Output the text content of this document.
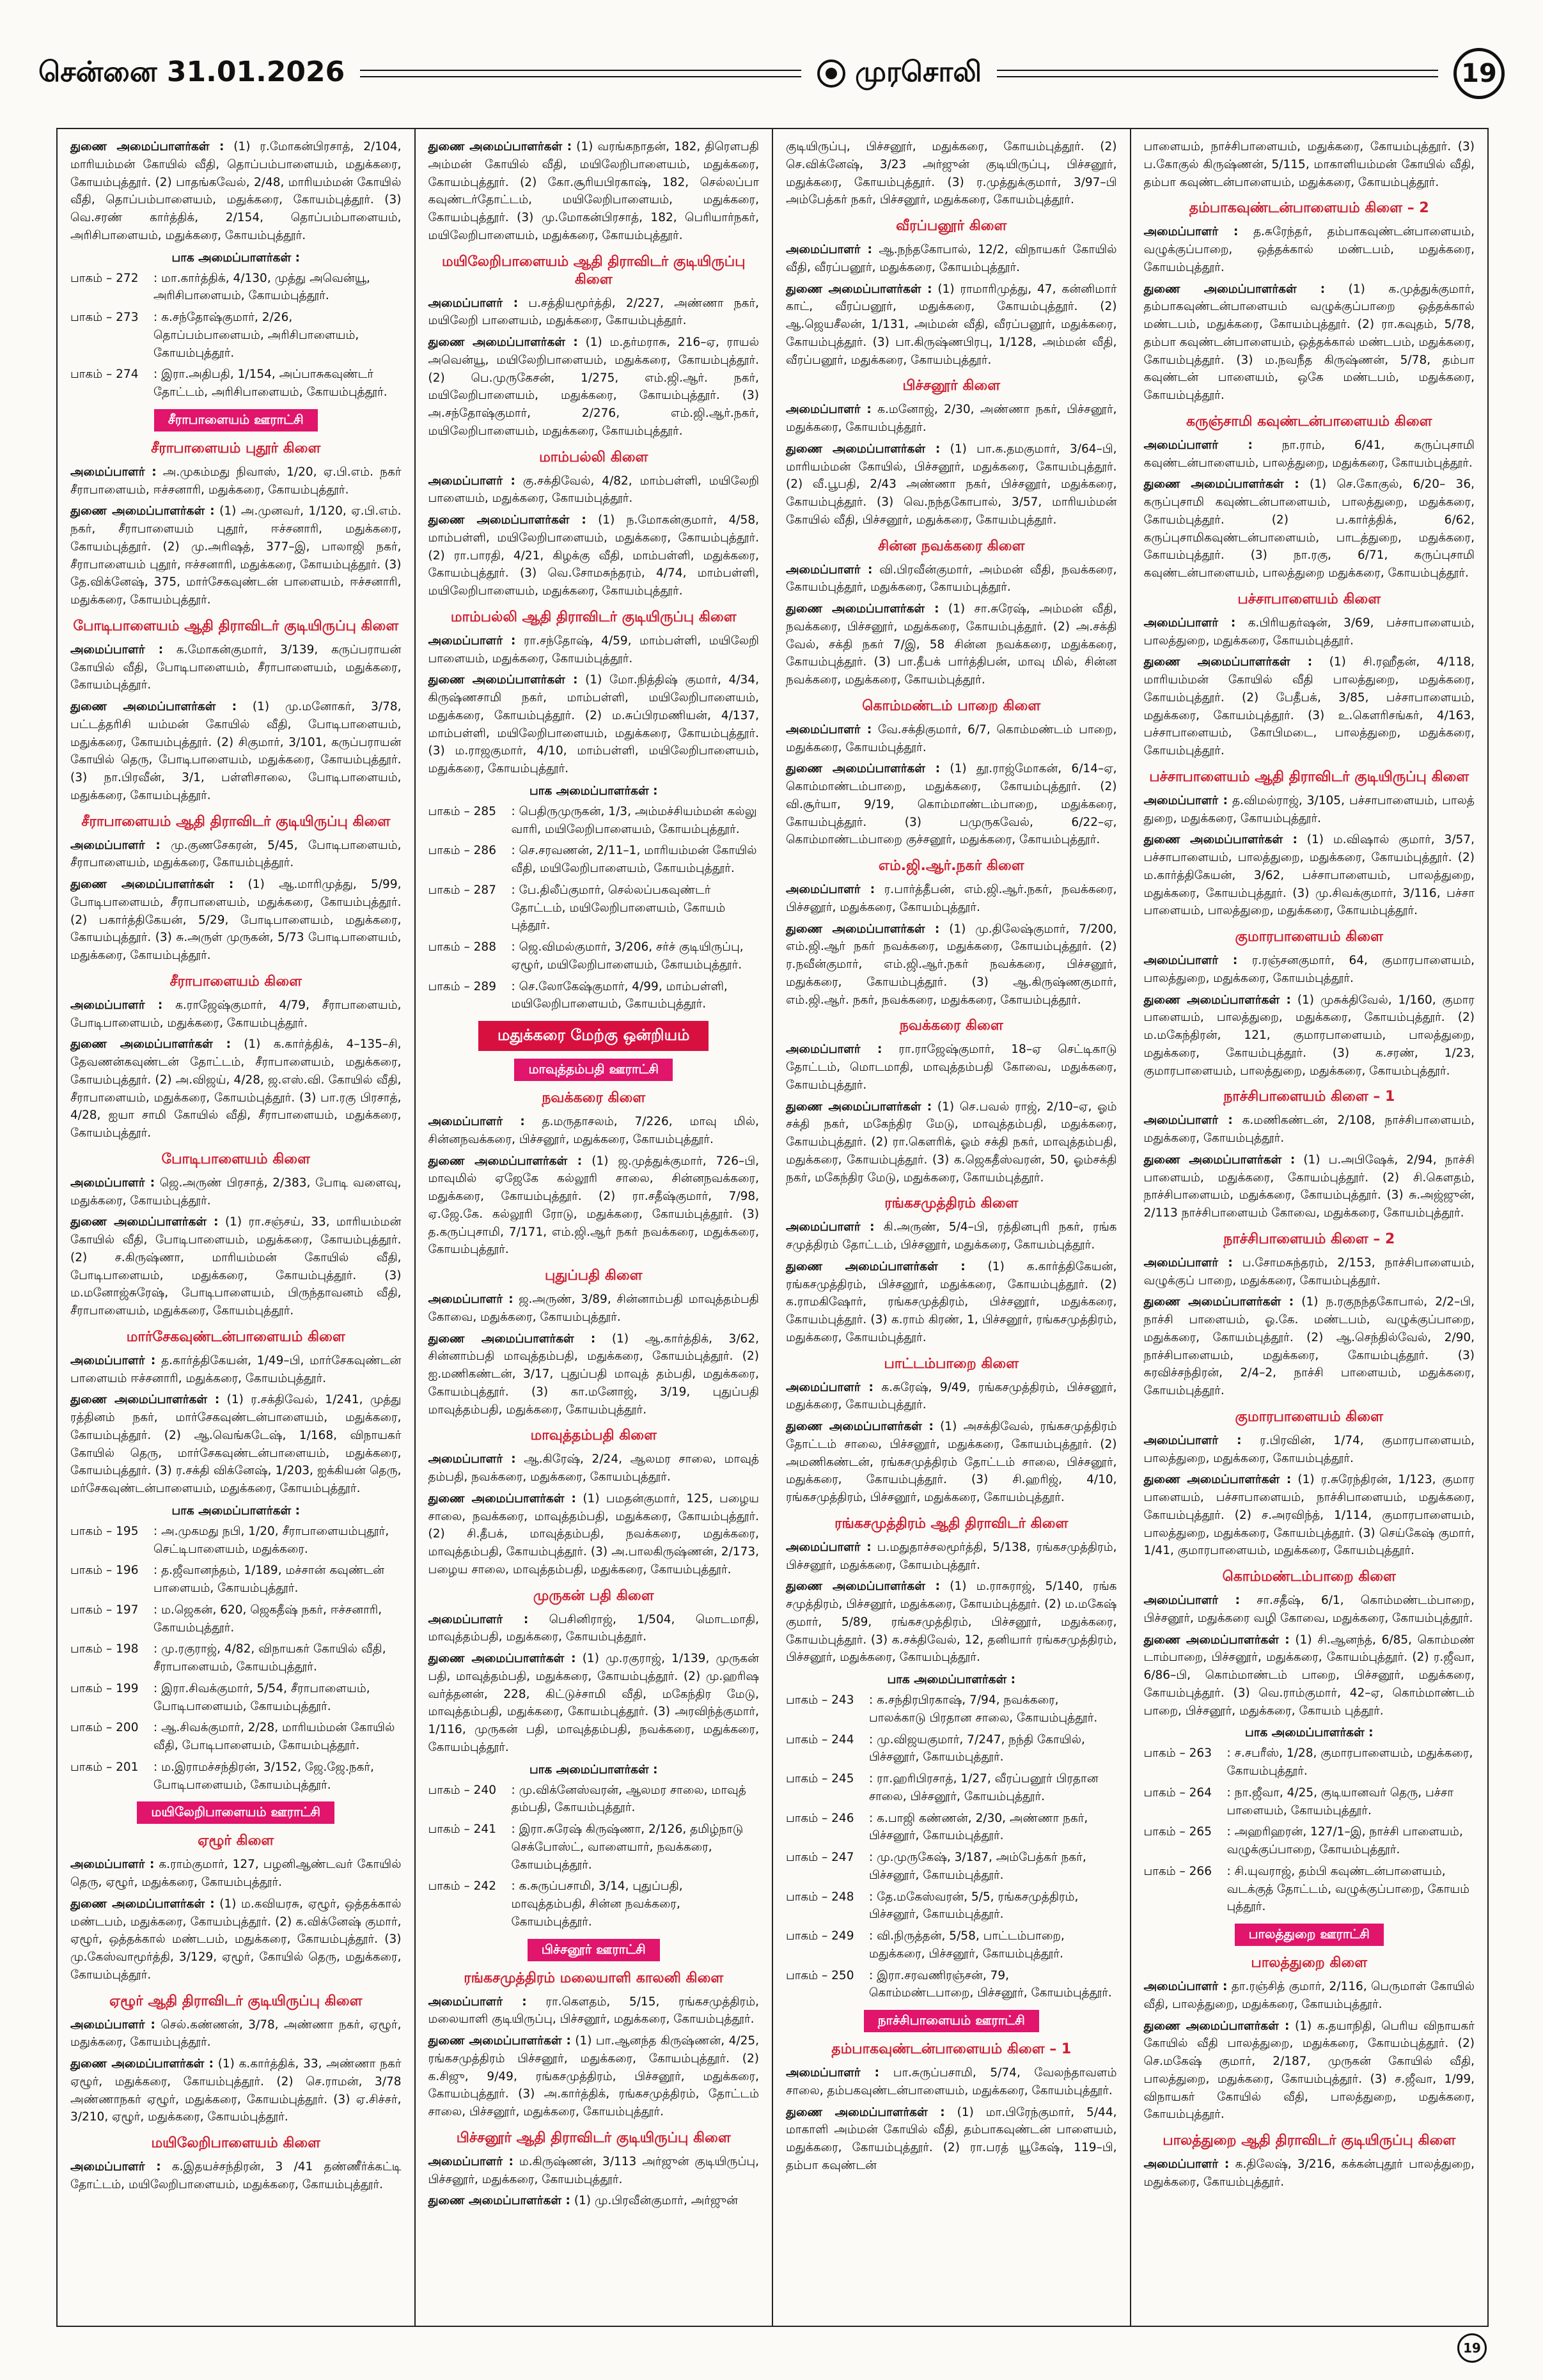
சென்னை 31.01.2026	முரசொலி	19

துணை அமைப்பாளர்கள் : (1) ர.மோகன்பிரசாத், 2/104, மாரியம்மன் கோயில் வீதி, தொப்பம்பாளையம், மதுக்கரை, கோயம்புத்தூர். (2) பாதங்கவேல், 2/48, மாரியம்மன் கோயில் வீதி, தொப்பம்பாளையம், மதுக்கரை, கோயம்புத்தூர். (3) வெ.சரண் கார்த்திக், 2/154, தொப்பம்பாளையம், அரிசிபாளையம், மதுக்கரை, கோயம்புத்தூர்.

பாக அமைப்பாளர்கள் :
பாகம் – 272	: மா.கார்த்திக், 4/130, முத்து அவென்யூ, அரிசிபாளையம், கோயம்புத்தூர்.
பாகம் – 273	: க.சந்தோஷ்குமார், 2/26, தொப்பம்பாளையம், அரிசிபாளையம், கோயம்புத்தூர்.
பாகம் – 274	: இரா.அதிபதி, 1/154, அப்பாசுகவுண்டர் தோட்டம், அரிசிபாளையம், கோயம்புத்தூர்.
சீராபாளையம் ஊராட்சி
சீராபாளையம் புதூர் கிளை

அமைப்பாளர் : அ.முகம்மது நிவாஸ், 1/20, ஏ.பி.எம். நகர் சீராபாளையம், ஈச்சனாரி, மதுக்கரை, கோயம்புத்தூர்.

துணை அமைப்பாளர்கள் : (1) அ.முனவர், 1/120, ஏ.பி.எம். நகர், சீராபாளையம் புதூர், ஈச்சனாரி, மதுக்கரை, கோயம்புத்தூர். (2) மு.அரிஷத், 377–இ, பாலாஜி நகர், சீராபாளையம் புதூர், ஈச்சனாரி, மதுக்கரை, கோயம்புத்தூர். (3) தே.விக்னேஷ், 375, மார்சேகவுண்டன் பாளையம், ஈச்சனாரி, மதுக்கரை, கோயம்புத்தூர்.

போடிபாளையம் ஆதி திராவிடர் குடியிருப்பு கிளை

அமைப்பாளர் : க.மோகன்குமார், 3/139, கருப்பராயன் கோயில் வீதி, போடிபாளையம், சீராபாளையம், மதுக்கரை, கோயம்புத்தூர்.

துணை அமைப்பாளர்கள் : (1) மு.மனோகர், 3/78, பட்டத்தரிசி யம்மன் கோயில் வீதி, போடிபாளையம், மதுக்கரை, கோயம்புத்தூர். (2) சிகுமார், 3/101, கருப்பராயன் கோயில் தெரு, போடிபாளையம், மதுக்கரை, கோயம்புத்தூர். (3) நா.பிரவீன், 3/1, பள்ளிசாலை, போடிபாளையம், மதுக்கரை, கோயம்புத்தூர்.

சீராபாளையம் ஆதி திராவிடர் குடியிருப்பு கிளை

அமைப்பாளர் : மு.குணசேகரன், 5/45, போடிபாளையம், சீராபாளையம், மதுக்கரை, கோயம்புத்தூர்.

துணை அமைப்பாளர்கள் : (1) ஆ.மாரிமுத்து, 5/99, போடிபாளையம், சீராபாளையம், மதுக்கரை, கோயம்புத்தூர். (2) பகார்த்திகேயன், 5/29, போடிபாளையம், மதுக்கரை, கோயம்புத்தூர். (3) சு.அருள் முருகன், 5/73 போடிபாளையம், மதுக்கரை, கோயம்புத்தூர்.

சீராபாளையம் கிளை

அமைப்பாளர் : க.ராஜேஷ்குமார், 4/79, சீராபாளையம், போடிபாளையம், மதுக்கரை, கோயம்புத்தூர்.

துணை அமைப்பாளர்கள் : (1) க.கார்த்திக், 4–135–சி, தேவணன்கவுண்டன் தோட்டம், சீராபாளையம், மதுக்கரை, கோயம்புத்தூர். (2) அ.விஜய், 4/28, ஜ.எஸ்.வி. கோயில் வீதி, சீராபாளையம், மதுக்கரை, கோயம்புத்தூர். (3) பா.ரகு பிரசாத், 4/28, ஐயா சாமி கோயில் வீதி, சீராபாளையம், மதுக்கரை, கோயம்புத்தூர்.

போடிபாளையம் கிளை

அமைப்பாளர் : ஜெ.அருண் பிரசாத், 2/383, போடி வளைவு, மதுக்கரை, கோயம்புத்தூர்.

துணை அமைப்பாளர்கள் : (1) ரா.சஞ்சய், 33, மாரியம்மன் கோயில் வீதி, போடிபாளையம், மதுக்கரை, கோயம்புத்தூர். (2) ச.கிருஷ்ணா, மாரியம்மன் கோயில் வீதி, போடிபாளையம், மதுக்கரை, கோயம்புத்தூர். (3) ம.மனோஜ்சுரேஷ், போடிபாளையம், பிருந்தாவனம் வீதி, சீராபாளையம், மதுக்கரை, கோயம்புத்தூர்.

மார்சேகவுண்டன்பாளையம் கிளை

அமைப்பாளர் : த.கார்த்திகேயன், 1/49–பி, மார்சேகவுண்டன் பாளையம் ஈச்சனாரி, மதுக்கரை, கோயம்புத்தூர்.

துணை அமைப்பாளர்கள் : (1) ர.சக்திவேல், 1/241, முத்து ரத்தினம் நகர், மார்சேகவுண்டன்பாளையம், மதுக்கரை, கோயம்புத்தூர். (2) ஆ.வெங்கடேஷ், 1/168, விநாயகர் கோயில் தெரு, மார்சேகவுண்டன்பாளையம், மதுக்கரை, கோயம்புத்தூர். (3) ர.சக்தி விக்னேஷ், 1/203, ஐக்கியன் தெரு, மர்சேகவுண்டன்பாளையம், மதுக்கரை, கோயம்புத்தூர்.

பாக அமைப்பாளர்கள் :
பாகம் – 195	: அ.முகமது நபி, 1/20, சீராபாளையம்புதூர், செட்டிபாளையம், மதுக்கரை.
பாகம் – 196	: த.ஜீவானந்தம், 1/189, மச்சான் கவுண்டன் பாளையம், கோயம்புத்தூர்.
பாகம் – 197	: ம.ஜெகன், 620, ஜெகதீஷ் நகர், ஈச்சனாரி, கோயம்புத்தூர்.
பாகம் – 198	: மு.ரகுராஜ், 4/82, விநாயகர் கோயில் வீதி, சீராபாளையம், கோயம்புத்தூர்.
பாகம் – 199	: இரா.சிவக்குமார், 5/54, சீராபாளையம், போடிபாளையம், கோயம்புத்தூர்.
பாகம் – 200	: ஆ.சிவக்குமார், 2/28, மாரியம்மன் கோயில் வீதி, போடிபாளையம், கோயம்புத்தூர்.
பாகம் – 201	: ம.இராமச்சந்திரன், 3/152, ஜே.ஜே.நகர், போடிபாளையம், கோயம்புத்தூர்.
மயிலேறிபாளையம் ஊராட்சி
ஏழூர் கிளை

அமைப்பாளர் : க.ராம்குமார், 127, பழனிஆண்டவர் கோயில் தெரு, ஏழூர், மதுக்கரை, கோயம்புத்தூர்.

துணை அமைப்பாளர்கள் : (1) ம.கவியரசு, ஏழூர், ஒத்தக்கால் மண்டபம், மதுக்கரை, கோயம்புத்தூர். (2) க.விக்னேஷ் குமார், ஏழூர், ஒத்தக்கால் மண்டபம், மதுக்கரை, கோயம்புத்தூர். (3) மு.கேஸ்வாமூர்த்தி, 3/129, ஏழூர், கோயில் தெரு, மதுக்கரை, கோயம்புத்தூர்.

ஏழூர் ஆதி திராவிடர் குடியிருப்பு கிளை

அமைப்பாளர் : செல்.கண்ணன், 3/78, அண்ணா நகர், ஏழூர், மதுக்கரை, கோயம்புத்தூர்.

துணை அமைப்பாளர்கள் : (1) க.கார்த்திக், 33, அண்ணா நகர் ஏழூர், மதுக்கரை, கோயம்புத்தூர். (2) செ.ராமன், 3/78 அண்ணாநகர் ஏழூர், மதுக்கரை, கோயம்புத்தூர். (3) ஏ.சிச்சர், 3/210, ஏழூர், மதுக்கரை, கோயம்புத்தூர்.

மயிலேறிபாளையம் கிளை

அமைப்பாளர் : க.இதயச்சந்திரன், 3 /41 தண்ணீர்க்கட்டி தோட்டம், மயிலேறிபாளையம், மதுக்கரை, கோயம்புத்தூர்.

துணை அமைப்பாளர்கள் : (1) வரங்கநாதன், 182, திரௌபதி அம்மன் கோயில் வீதி, மயிலேறிபாளையம், மதுக்கரை, கோயம்புத்தூர். (2) கோ.சூரியபிரகாஷ், 182, செல்லப்பா கவுண்டர்தோட்டம், மயிலேறிபாளையம், மதுக்கரை, கோயம்புத்தூர். (3) மு.மோகன்பிரசாத், 182, பெரியார்நகர், மயிலேறிபாளையம், மதுக்கரை, கோயம்புத்தூர்.

மயிலேறிபாளையம் ஆதி திராவிடர் குடியிருப்பு கிளை

அமைப்பாளர் : ப.சத்தியமூர்த்தி, 2/227, அண்ணா நகர், மயிலேறி பாளையம், மதுக்கரை, கோயம்புத்தூர்.

துணை அமைப்பாளர்கள் : (1) ம.தர்மராசு, 216–ஏ, ராயல் அவென்யூ, மயிலேறிபாளையம், மதுக்கரை, கோயம்புத்தூர். (2) பெ.முருகேசன், 1/275, எம்.ஜி.ஆர். நகர், மயிலேறிபாளையம், மதுக்கரை, கோயம்புத்தூர். (3) அ.சந்தோஷ்குமார், 2/276, எம்.ஜி.ஆர்.நகர், மயிலேறிபாளையம், மதுக்கரை, கோயம்புத்தூர்.

மாம்பல்லி கிளை

அமைப்பாளர் : கு.சக்திவேல், 4/82, மாம்பள்ளி, மயிலேறி பாளையம், மதுக்கரை, கோயம்புத்தூர்.

துணை அமைப்பாளர்கள் : (1) ந.மோகன்குமார், 4/58, மாம்பள்ளி, மயிலேறிபாளையம், மதுக்கரை, கோயம்புத்தூர். (2) ரா.பாரதி, 4/21, கிழக்கு வீதி, மாம்பள்ளி, மதுக்கரை, கோயம்புத்தூர். (3) வெ.சோமசுந்தரம், 4/74, மாம்பள்ளி, மயிலேறிபாளையம், மதுக்கரை, கோயம்புத்தூர்.

மாம்பல்லி ஆதி திராவிடர் குடியிருப்பு கிளை

அமைப்பாளர் : ரா.சந்தோஷ், 4/59, மாம்பள்ளி, மயிலேறி பாளையம், மதுக்கரை, கோயம்புத்தூர்.

துணை அமைப்பாளர்கள் : (1) மோ.நித்திஷ் குமார், 4/34, கிருஷ்ணசாமி நகர், மாம்பள்ளி, மயிலேறிபாளையம், மதுக்கரை, கோயம்புத்தூர். (2) ம.சுப்பிரமணியன், 4/137, மாம்பள்ளி, மயிலேறிபாளையம், மதுக்கரை, கோயம்புத்தூர். (3) ம.ராஜகுமார், 4/10, மாம்பள்ளி, மயிலேறிபாளையம், மதுக்கரை, கோயம்புத்தூர்.

பாக அமைப்பாளர்கள் :
பாகம் – 285	: பெதிருமுருகன், 1/3, அம்மச்சியம்மன் கல்லு வாரி, மயிலேறிபாளையம், கோயம்புத்தூர்.
பாகம் – 286	: செ.சரவணன், 2/11–1, மாரியம்மன் கோயில் வீதி, மயிலேறிபாளையம், கோயம்புத்தூர்.
பாகம் – 287	: பே.திலீப்குமார், செல்லப்பகவுண்டர் தோட்டம், மயிலேறிபாளையம், கோயம் புத்தூர்.
பாகம் – 288	: ஜெ.விமல்குமார், 3/206, சர்ச் குடியிருப்பு, ஏழூர், மயிலேறிபாளையம், கோயம்புத்தூர்.
பாகம் – 289	: செ.லோகேஷ்குமார், 4/99, மாம்பள்ளி, மயிலேறிபாளையம், கோயம்புத்தூர்.
மதுக்கரை மேற்கு ஒன்றியம்
மாவுத்தம்பதி ஊராட்சி
நவக்கரை கிளை

அமைப்பாளர் : த.மருதாசலம், 7/226, மாவு மில், சின்னநவக்கரை, பிச்சனூர், மதுக்கரை, கோயம்புத்தூர்.

துணை அமைப்பாளர்கள் : (1) ஜ.முத்துக்குமார், 726–பி, மாவுமில் ஏஜேகே கல்லூரி சாலை, சின்னநவக்கரை, மதுக்கரை, கோயம்புத்தூர். (2) ரா.சதீஷ்குமார், 7/98, ஏ.ஜே.கே. கல்லூரி ரோடு, மதுக்கரை, கோயம்புத்தூர். (3) த.கருப்புசாமி, 7/171, எம்.ஜி.ஆர் நகர் நவக்கரை, மதுக்கரை, கோயம்புத்தூர்.

புதுப்பதி கிளை

அமைப்பாளர் : ஜ.அருண், 3/89, சின்னாம்பதி மாவுத்தம்பதி கோவை, மதுக்கரை, கோயம்புத்தூர்.

துணை அமைப்பாளர்கள் : (1) ஆ.கார்த்திக், 3/62, சின்னாம்பதி மாவுத்தம்பதி, மதுக்கரை, கோயம்புத்தூர். (2) ஐ.மணிகண்டன், 3/17, புதுப்பதி மாவுத் தம்பதி, மதுக்கரை, கோயம்புத்தூர். (3) கா.மனோஜ், 3/19, புதுப்பதி மாவுத்தம்பதி, மதுக்கரை, கோயம்புத்தூர்.

மாவுத்தம்பதி கிளை

அமைப்பாளர் : ஆ.கிரேஷ், 2/24, ஆலமர சாலை, மாவுத் தம்பதி, நவக்கரை, மதுக்கரை, கோயம்புத்தூர்.

துணை அமைப்பாளர்கள் : (1) பமதன்குமார், 125, பழைய சாலை, நவக்கரை, மாவுத்தம்பதி, மதுக்கரை, கோயம்புத்தூர். (2) சி.தீபக், மாவுத்தம்பதி, நவக்கரை, மதுக்கரை, மாவுத்தம்பதி, கோயம்புத்தூர். (3) அ.பாலகிருஷ்ணன், 2/173, பழைய சாலை, மாவுத்தம்பதி, மதுக்கரை, கோயம்புத்தூர்.

முருகன் பதி கிளை

அமைப்பாளர் : பெசினிராஜ், 1/504, மொடமாதி, மாவுத்தம்பதி, மதுக்கரை, கோயம்புத்தூர்.

துணை அமைப்பாளர்கள் : (1) மு.ரகுராஜ், 1/139, முருகன் பதி, மாவுத்தம்பதி, மதுக்கரை, கோயம்புத்தூர். (2) மு.ஹரிஷ வர்த்தனன், 228, கிட்டுச்சாமி வீதி, மகேந்திர மேடு, மாவுத்தம்பதி, மதுக்கரை, கோயம்புத்தூர். (3) அரவிந்த்குமார், 1/116, முருகன் பதி, மாவுத்தம்பதி, நவக்கரை, மதுக்கரை, கோயம்புத்தூர்.

பாக அமைப்பாளர்கள் :
பாகம் – 240	: மு.விக்னேஸ்வரன், ஆலமர சாலை, மாவுத் தம்பதி, கோயம்புத்தூர்.
பாகம் – 241	: இரா.சுரேஷ் கிருஷ்ணா, 2/126, தமிழ்நாடு செக்போஸ்ட், வாளையார், நவக்கரை, கோயம்புத்தூர்.
பாகம் – 242	: க.சுருப்பசாமி, 3/14, புதுப்பதி, மாவுத்தம்பதி, சின்ன நவக்கரை, கோயம்புத்தூர்.
பிச்சனூர் ஊராட்சி
ரங்கசமுத்திரம் மலையாளி காலனி கிளை

அமைப்பாளர் : ரா.கௌதம், 5/15, ரங்கசமுத்திரம், மலையாளி குடியிருப்பு, பிச்சனூர், மதுக்கரை, கோயம்புத்தூர்.

துணை அமைப்பாளர்கள் : (1) பா.ஆனந்த கிருஷ்ணன், 4/25, ரங்கசமுத்திரம் பிச்சனூர், மதுக்கரை, கோயம்புத்தூர். (2) க.சிஜு, 9/49, ரங்கசமுத்திரம், பிச்சனூர், மதுக்கரை, கோயம்புத்தூர். (3) அ.கார்த்திக், ரங்கசமுத்திரம், தோட்டம் சாலை, பிச்சனூர், மதுக்கரை, கோயம்புத்தூர்.

பிச்சனூர் ஆதி திராவிடர் குடியிருப்பு கிளை

அமைப்பாளர் : ம.கிருஷ்ணன், 3/113 அர்ஜுன் குடியிருப்பு, பிச்சனூர், மதுக்கரை, கோயம்புத்தூர்.

துணை அமைப்பாளர்கள் : (1) மு.பிரவீன்குமார், அர்ஜுன்

குடியிருப்பு, பிச்சனூர், மதுக்கரை, கோயம்புத்தூர். (2) செ.விக்னேஷ், 3/23 அர்ஜுன் குடியிருப்பு, பிச்சனூர், மதுக்கரை, கோயம்புத்தூர். (3) ர.முத்துக்குமார், 3/97–பி அம்பேத்கர் நகர், பிச்சனூர், மதுக்கரை, கோயம்புத்தூர்.

வீரப்பனூர் கிளை

அமைப்பாளர் : ஆ.நந்தகோபால், 12/2, விநாயகர் கோயில் வீதி, வீரப்பனூர், மதுக்கரை, கோயம்புத்தூர்.

துணை அமைப்பாளர்கள் : (1) ராமாரிமுத்து, 47, கன்னிமார் காட், வீரப்பனூர், மதுக்கரை, கோயம்புத்தூர். (2) ஆ.ஜெயசீலன், 1/131, அம்மன் வீதி, வீரப்பனூர், மதுக்கரை, கோயம்புத்தூர். (3) பா.கிருஷ்ணபிரபு, 1/128, அம்மன் வீதி, வீரப்பனூர், மதுக்கரை, கோயம்புத்தூர்.

பிச்சனூர் கிளை

அமைப்பாளர் : க.மனோஜ், 2/30, அண்ணா நகர், பிச்சனூர், மதுக்கரை, கோயம்புத்தூர்.

துணை அமைப்பாளர்கள் : (1) பா.க.தமகுமார், 3/64–பி, மாரியம்மன் கோயில், பிச்சனூர், மதுக்கரை, கோயம்புத்தூர். (2) வீ.பூபதி, 2/43 அண்ணா நகர், பிச்சனூர், மதுக்கரை, கோயம்புத்தூர். (3) வெ.நந்தகோபால், 3/57, மாரியம்மன் கோயில் வீதி, பிச்சனூர், மதுக்கரை, கோயம்புத்தூர்.

சின்ன நவக்கரை கிளை

அமைப்பாளர் : வி.பிரவீன்குமார், அம்மன் வீதி, நவக்கரை, கோயம்புத்தூர், மதுக்கரை, கோயம்புத்தூர்.

துணை அமைப்பாளர்கள் : (1) சா.சுரேஷ், அம்மன் வீதி, நவக்கரை, பிச்சனூர், மதுக்கரை, கோயம்புத்தூர். (2) அ.சக்தி வேல், சக்தி நகர் 7/இ, 58 சின்ன நவக்கரை, மதுக்கரை, கோயம்புத்தூர். (3) பா.தீபக் பார்த்திபன், மாவு மில், சின்ன நவக்கரை, மதுக்கரை, கோயம்புத்தூர்.

கொம்மண்டம் பாறை கிளை

அமைப்பாளர் : வே.சக்திகுமார், 6/7, கொம்மண்டம் பாறை, மதுக்கரை, கோயம்புத்தூர்.

துணை அமைப்பாளர்கள் : (1) தூ.ராஜ்மோகன், 6/14–ஏ, கொம்மாண்டம்பாறை, மதுக்கரை, கோயம்புத்தூர். (2) வி.சூர்யா, 9/19, கொம்மாண்டம்பாறை, மதுக்கரை, கோயம்புத்தூர். (3) பமுருகவேல், 6/22–ஏ, கொம்மாண்டம்பாறை குச்சனூர், மதுக்கரை, கோயம்புத்தூர்.

எம்.ஜி.ஆர்.நகர் கிளை

அமைப்பாளர் : ர.பார்த்தீபன், எம்.ஜி.ஆர்.நகர், நவக்கரை, பிச்சனூர், மதுக்கரை, கோயம்புத்தூர்.

துணை அமைப்பாளர்கள் : (1) மு.திலேஷ்குமார், 7/200, எம்.ஜி.ஆர் நகர் நவக்கரை, மதுக்கரை, கோயம்புத்தூர். (2) ர.நவீன்குமார், எம்.ஜி.ஆர்.நகர் நவக்கரை, பிச்சனூர், மதுக்கரை, கோயம்புத்தூர். (3) ஆ.கிருஷ்ணகுமார், எம்.ஜி.ஆர். நகர், நவக்கரை, மதுக்கரை, கோயம்புத்தூர்.

நவக்கரை கிளை

அமைப்பாளர் : ரா.ராஜேஷ்குமார், 18–ஏ செட்டிகாடு தோட்டம், மொடமாதி, மாவுத்தம்பதி கோவை, மதுக்கரை, கோயம்புத்தூர்.

துணை அமைப்பாளர்கள் : (1) செ.பவல் ராஜ், 2/10–ஏ, ஓம் சக்தி நகர், மகேந்திர மேடு, மாவுத்தம்பதி, மதுக்கரை, கோயம்புத்தூர். (2) ரா.கௌரிக், ஓம் சக்தி நகர், மாவுத்தம்பதி, மதுக்கரை, கோயம்புத்தூர். (3) க.ஜெகதீஸ்வரன், 50, ஓம்சக்தி நகர், மகேந்திர மேடு, மதுக்கரை, கோயம்புத்தூர்.

ரங்கசமுத்திரம் கிளை

அமைப்பாளர் : கி.அருண், 5/4–பி, ரத்தினபுரி நகர், ரங்க சமுத்திரம் தோட்டம், பிச்சனூர், மதுக்கரை, கோயம்புத்தூர்.

துணை அமைப்பாளர்கள் : (1) க.கார்த்திகேயன், ரங்கசமுத்திரம், பிச்சனூர், மதுக்கரை, கோயம்புத்தூர். (2) க.ராமகிஷோர், ரங்கசமுத்திரம், பிச்சனூர், மதுக்கரை, கோயம்புத்தூர். (3) க.ராம் கிரண், 1, பிச்சனூர், ரங்கசமுத்திரம், மதுக்கரை, கோயம்புத்தூர்.

பாட்டம்பாறை கிளை

அமைப்பாளர் : க.சுரேஷ், 9/49, ரங்கசமுத்திரம், பிச்சனூர், மதுக்கரை, கோயம்புத்தூர்.

துணை அமைப்பாளர்கள் : (1) அசக்திவேல், ரங்கசமுத்திரம் தோட்டம் சாலை, பிச்சனூர், மதுக்கரை, கோயம்புத்தூர். (2) அமணிகண்டன், ரங்கசமுத்திரம் தோட்டம் சாலை, பிச்சனூர், மதுக்கரை, கோயம்புத்தூர். (3) சி.ஹரிஜ், 4/10, ரங்கசமுத்திரம், பிச்சனூர், மதுக்கரை, கோயம்புத்தூர்.

ரங்கசமுத்திரம் ஆதி திராவிடர் கிளை

அமைப்பாளர் : ப.மதுதாச்சலமூர்த்தி, 5/138, ரங்கசமுத்திரம், பிச்சனூர், மதுக்கரை, கோயம்புத்தூர்.

துணை அமைப்பாளர்கள் : (1) ம.ராசுராஜ், 5/140, ரங்க சமுத்திரம், பிச்சனூர், மதுக்கரை, கோயம்புத்தூர். (2) ம.மகேஷ் குமார், 5/89, ரங்கசமுத்திரம், பிச்சனூர், மதுக்கரை, கோயம்புத்தூர். (3) க.சக்திவேல், 12, தனியார் ரங்கசமுத்திரம், பிச்சனூர், மதுக்கரை, கோயம்புத்தூர்.

பாக அமைப்பாளர்கள் :
பாகம் – 243	: க.சந்திரபிரகாஷ், 7/94, நவக்கரை, பாலக்காடு பிரதான சாலை, கோயம்புத்தூர்.
பாகம் – 244	: மு.விஜயகுமார், 7/247, நந்தி கோயில், பிச்சனூர், கோயம்புத்தூர்.
பாகம் – 245	: ரா.ஹரிபிரசாத், 1/27, வீரப்பனூர் பிரதான சாலை, பிச்சனூர், கோயம்புத்தூர்.
பாகம் – 246	: க.பாஜி கண்ணன், 2/30, அண்ணா நகர், பிச்சனூர், கோயம்புத்தூர்.
பாகம் – 247	: மு.முருகேஷ், 3/187, அம்பேத்கர் நகர், பிச்சனூர், கோயம்புத்தூர்.
பாகம் – 248	: தே.மகேஸ்வரன், 5/5, ரங்கசமுத்திரம், பிச்சனூர், கோயம்புத்தூர்.
பாகம் – 249	: வி.நிருத்தன், 5/58, பாட்டம்பாறை, மதுக்கரை, பிச்சனூர், கோயம்புத்தூர்.
பாகம் – 250	: இரா.சரவணிரஞ்சன், 79, கொம்மண்டபாறை, பிச்சனூர், கோயம்புத்தூர்.
நாச்சிபாளையம் ஊராட்சி
தம்பாகவுண்டன்பாளையம் கிளை – 1

அமைப்பாளர் : பா.சுருப்பசாமி, 5/74, வேலந்தாவளம் சாலை, தம்பகவுண்டன்பாளையம், மதுக்கரை, கோயம்புத்தூர்.

துணை அமைப்பாளர்கள் : (1) மா.பிரேந்குமார், 5/44, மாகாளி அம்மன் கோயில் வீதி, தம்பாகவுண்டன் பாளையம், மதுக்கரை, கோயம்புத்தூர். (2) ரா.பரத் யூகேஷ், 119–பி, தம்பா கவுண்டன்

பாளையம், நாச்சிபாளையம், மதுக்கரை, கோயம்புத்தூர். (3) ப.கோகுல் கிருஷ்ணன், 5/115, மாகாளியம்மன் கோயில் வீதி, தம்பா கவுண்டன்பாளையம், மதுக்கரை, கோயம்புத்தூர்.

தம்பாகவுண்டன்பாளையம் கிளை – 2

அமைப்பாளர் : த.சுரேந்தர், தம்பாகவுண்டன்பாளையம், வழுக்குப்பாறை, ஒத்தக்கால் மண்டபம், மதுக்கரை, கோயம்புத்தூர்.

துணை அமைப்பாளர்கள் : (1) க.முத்துக்குமார், தம்பாகவுண்டன்பாளையம் வழுக்குப்பாறை ஒத்தக்கால் மண்டபம், மதுக்கரை, கோயம்புத்தூர். (2) ரா.கவுதம், 5/78, தம்பா கவுண்டன்பாளையம், ஒத்தக்கால் மண்டபம், மதுக்கரை, கோயம்புத்தூர். (3) ம.நவநீத கிருஷ்ணன், 5/78, தம்பா கவுண்டன் பாளையம், ஒகே மண்டபம், மதுக்கரை, கோயம்புத்தூர்.

கருஞ்சாமி கவுண்டன்பாளையம் கிளை

அமைப்பாளர் : நா.ராம், 6/41, கருப்புசாமி கவுண்டன்பாளையம், பாலத்துறை, மதுக்கரை, கோயம்புத்தூர்.

துணை அமைப்பாளர்கள் : (1) செ.கோகுல், 6/20– 36, கருப்புசாமி கவுண்டன்பாளையம், பாலத்துறை, மதுக்கரை, கோயம்புத்தூர். (2) ப.கார்த்திக், 6/62, கருப்புசாமிகவுண்டன்பாளையம், பாடத்துறை, மதுக்கரை, கோயம்புத்தூர். (3) நா.ரகு, 6/71, கருப்புசாமி கவுண்டன்பாளையம், பாலத்துறை மதுக்கரை, கோயம்புத்தூர்.

பச்சாபாளையம் கிளை

அமைப்பாளர் : க.பிரியதர்ஷன், 3/69, பச்சாபாளையம், பாலத்துறை, மதுக்கரை, கோயம்புத்தூர்.

துணை அமைப்பாளர்கள் : (1) சி.ரஹீதன், 4/118, மாரியம்மன் கோயில் வீதி பாலத்துறை, மதுக்கரை, கோயம்புத்தூர். (2) பேதீபக், 3/85, பச்சாபாளையம், மதுக்கரை, கோயம்புத்தூர். (3) உ.கௌரிசங்கர், 4/163, பச்சாபாளையம், கோபிமடை, பாலத்துறை, மதுக்கரை, கோயம்புத்தூர்.

பச்சாபாளையம் ஆதி திராவிடர் குடியிருப்பு கிளை

அமைப்பாளர் : த.விமல்ராஜ், 3/105, பச்சாபாளையம், பாலத் துறை, மதுக்கரை, கோயம்புத்தூர்.

துணை அமைப்பாளர்கள் : (1) ம.விஷால் குமார், 3/57, பச்சாபாளையம், பாலத்துறை, மதுக்கரை, கோயம்புத்தூர். (2) ம.கார்த்திகேயன், 3/62, பச்சாபாளையம், பாலத்துறை, மதுக்கரை, கோயம்புத்தூர். (3) மு.சிவக்குமார், 3/116, பச்சா பாளையம், பாலத்துறை, மதுக்கரை, கோயம்புத்தூர்.

குமாரபாளையம் கிளை

அமைப்பாளர் : ர.ரஞ்சனகுமார், 64, குமாரபாளையம், பாலத்துறை, மதுக்கரை, கோயம்புத்தூர்.

துணை அமைப்பாளர்கள் : (1) முசுக்திவேல், 1/160, குமார பாளையம், பாலத்துறை, மதுக்கரை, கோயம்புத்தூர். (2) ம.மகேந்திரன், 121, குமாரபாளையம், பாலத்துறை, மதுக்கரை, கோயம்புத்தூர். (3) க.சரண், 1/23, குமாரபாளையம், பாலத்துறை, மதுக்கரை, கோயம்புத்தூர்.

நாச்சிபாளையம் கிளை – 1

அமைப்பாளர் : க.மணிகண்டன், 2/108, நாச்சிபாளையம், மதுக்கரை, கோயம்புத்தூர்.

துணை அமைப்பாளர்கள் : (1) ப.அபிஷேக், 2/94, நாச்சி பாளையம், மதுக்கரை, கோயம்புத்தூர். (2) சி.கௌதம், நாச்சிபாளையம், மதுக்கரை, கோயம்புத்தூர். (3) சு.அஜ்ஜுன், 2/113 நாச்சிபாளையம் கோவை, மதுக்கரை, கோயம்புத்தூர்.

நாச்சிபாளையம் கிளை – 2

அமைப்பாளர் : ப.சோமசுந்தரம், 2/153, நாச்சிபாளையம், வழுக்குப் பாறை, மதுக்கரை, கோயம்புத்தூர்.

துணை அமைப்பாளர்கள் : (1) ந.ரகுநந்தகோபால், 2/2–பி, நாச்சி பாளையம், ஓ.கே. மண்டபம், வழுக்குப்பாறை, மதுக்கரை, கோயம்புத்தூர். (2) ஆ.செந்தில்வேல், 2/90, நாச்சிபாளையம், மதுக்கரை, கோயம்புத்தூர். (3) சுரவிச்சந்திரன், 2/4–2, நாச்சி பாளையம், மதுக்கரை, கோயம்புத்தூர்.

குமாரபாளையம் கிளை

அமைப்பாளர் : ர.பிரவின், 1/74, குமாரபாளையம், பாலத்துறை, மதுக்கரை, கோயம்புத்தூர்.

துணை அமைப்பாளர்கள் : (1) ர.சுரேந்திரன், 1/123, குமார பாளையம், பச்சாபாளையம், நாச்சிபாளையம், மதுக்கரை, கோயம்புத்தூர். (2) ச.அரவிந்த், 1/114, குமாரபாளையம், பாலத்துறை, மதுக்கரை, கோயம்புத்தூர். (3) செய்கேஷ் குமார், 1/41, குமாரபாளையம், மதுக்கரை, கோயம்புத்தூர்.

கொம்மண்டம்பாறை கிளை

அமைப்பாளர் : சா.சதீஷ், 6/1, கொம்மண்டம்பாறை, பிச்சனூர், மதுக்கரை வழி கோவை, மதுக்கரை, கோயம்புத்தூர்.

துணை அமைப்பாளர்கள் : (1) சி.ஆனந்த், 6/85, கொம்மண் டாம்பாறை, பிச்சனூர், மதுக்கரை, கோயம்புத்தூர். (2) ர.ஜீவா, 6/86–பி, கொம்மாண்டம் பாறை, பிச்சனூர், மதுக்கரை, கோயம்புத்தூர். (3) வெ.ராம்குமார், 42–ஏ, கொம்மாண்டம் பாறை, பிச்சனூர், மதுக்கரை, கோயம் புத்தூர்.

பாக அமைப்பாளர்கள் :
பாகம் – 263	: ச.சபரீஸ், 1/28, குமாரபாளையம், மதுக்கரை, கோயம்புத்தூர்.
பாகம் – 264	: நா.ஜீவா, 4/25, குடியானவர் தெரு, பச்சா பாளையம், கோயம்புத்தூர்.
பாகம் – 265	: அஹரிஹரன், 127/1–இ, நாச்சி பாளையம், வழுக்குப்பாறை, கோயம்புத்தூர்.
பாகம் – 266	: சி.யுவராஜ், தம்பி கவுண்டன்பாளையம், வடக்குத் தோட்டம், வழுக்குப்பாறை, கோயம் புத்தூர்.
பாலத்துறை ஊராட்சி
பாலத்துறை கிளை

அமைப்பாளர் : தா.ரஞ்சித் குமார், 2/116, பெருமாள் கோயில் வீதி, பாலத்துறை, மதுக்கரை, கோயம்புத்தூர்.

துணை அமைப்பாளர்கள் : (1) க.தயாநிதி, பெரிய விநாயகர் கோயில் வீதி பாலத்துறை, மதுக்கரை, கோயம்புத்தூர். (2) செ.மகேஷ் குமார், 2/187, முருகன் கோயில் வீதி, பாலத்துறை, மதுக்கரை, கோயம்புத்தூர். (3) ச.ஜீவா, 1/99, விநாயகர் கோயில் வீதி, பாலத்துறை, மதுக்கரை, கோயம்புத்தூர்.

பாலத்துறை ஆதி திராவிடர் குடியிருப்பு கிளை

அமைப்பாளர் : க.திலேஷ், 3/216, கக்கன்புதூர் பாலத்துறை, மதுக்கரை, கோயம்புத்தூர்.

19
